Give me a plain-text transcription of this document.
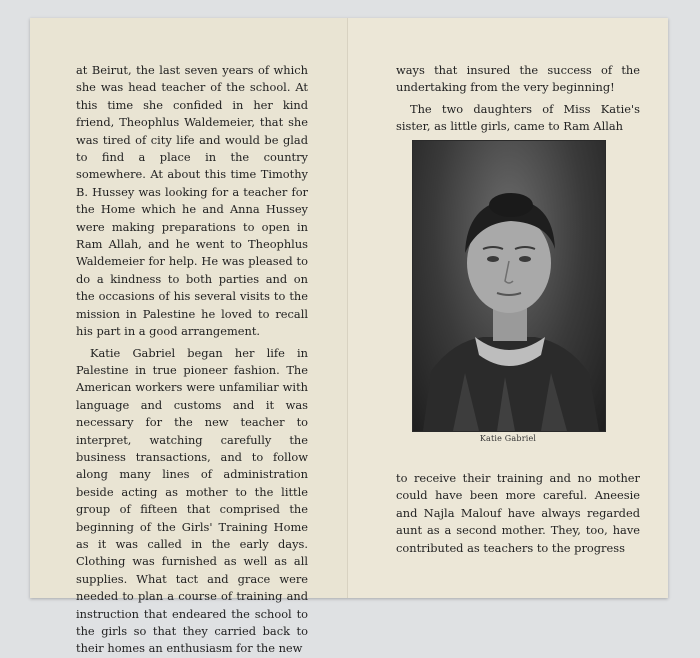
at Beirut, the last seven years of which she was head teacher of the school. At this time she confided in her kind friend, Theophlus Waldemeier, that she was tired of city life and would be glad to find a place in the country somewhere. At about this time Timothy B. Hussey was looking for a teacher for the Home which he and Anna Hussey were making preparations to open in Ram Allah, and he went to Theophlus Waldemeier for help. He was pleased to do a kindness to both parties and on the occasions of his several visits to the mission in Palestine he loved to recall his part in a good arrangement.

Katie Gabriel began her life in Palestine in true pioneer fashion. The American workers were unfamiliar with language and customs and it was necessary for the new teacher to interpret, watching carefully the business transactions, and to follow along many lines of administration beside acting as mother to the little group of fifteen that comprised the beginning of the Girls' Training Home as it was called in the early days. Clothing was furnished as well as all supplies. What tact and grace were needed to plan a course of training and instruction that endeared the school to the girls so that they carried back to their homes an enthusiasm for the new

ways that insured the success of the undertaking from the very beginning!

The two daughters of Miss Katie's sister, as little girls, came to Ram Allah

Katie Gabriel

to receive their training and no mother could have been more careful. Aneesie and Najla Malouf have always regarded aunt as a second mother. They, too, have contributed as teachers to the progress
